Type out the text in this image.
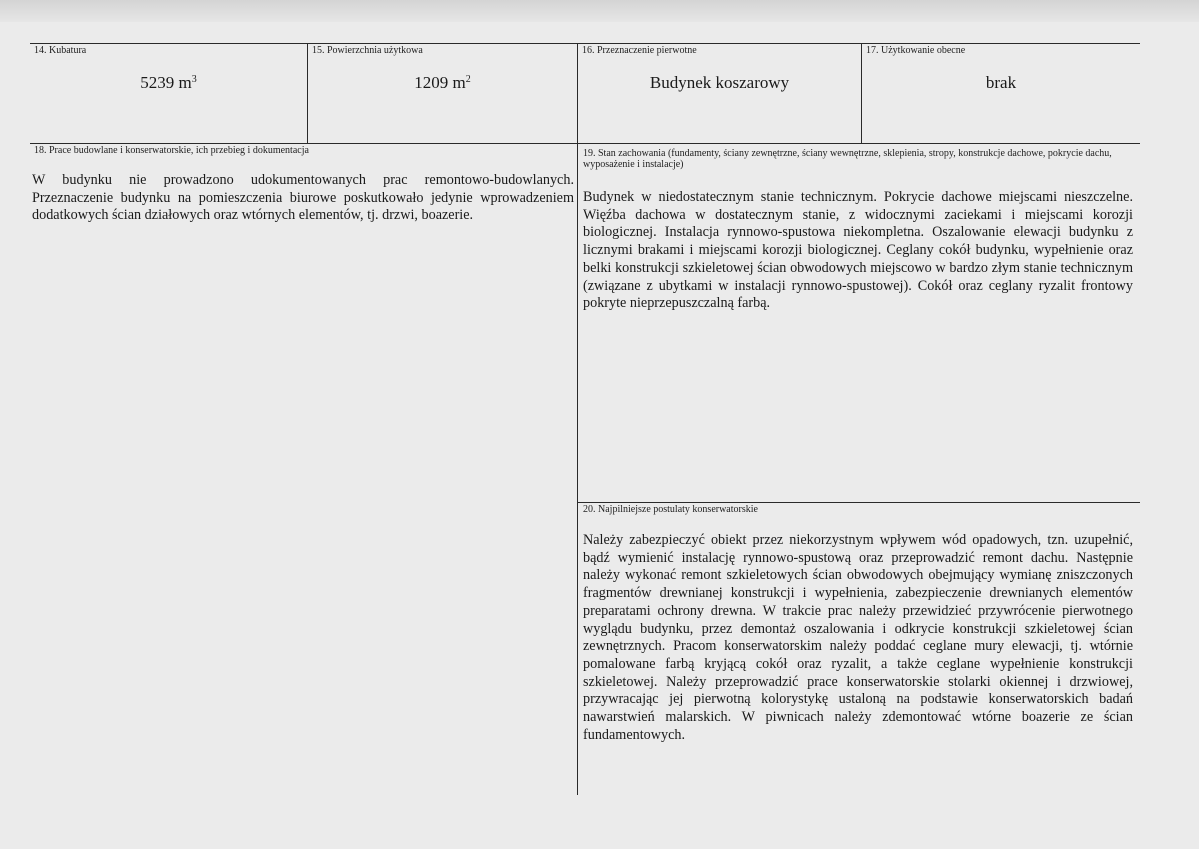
14. Kubatura
5239 $m^3$
15. Powierzchnia użytkowa
1209 $m^2$
16. Przeznaczenie pierwotne
Budynek koszarowy
17. Użytkowanie obecne
brak
18. Prace budowlane i konserwatorskie, ich przebieg i dokumentacja

W budynku nie prowadzono udokumentowanych prac remontowo-budowlanych. Przeznaczenie budynku na pomieszczenia biurowe poskutkowało jedynie wprowadzeniem dodatkowych ścian działowych oraz wtórnych elementów, tj. drzwi, boazerie.

19. Stan zachowania (fundamenty, ściany zewnętrzne, ściany wewnętrzne, sklepienia, stropy, konstrukcje dachowe, pokrycie dachu, wyposażenie i instalacje)

Budynek w niedostatecznym stanie technicznym. Pokrycie dachowe miejscami nieszczelne. Więźba dachowa w dostatecznym stanie, z widocznymi zaciekami i miejscami korozji biologicznej. Instalacja rynnowo-spustowa niekompletna. Oszalowanie elewacji budynku z licznymi brakami i miejscami korozji biologicznej. Ceglany cokół budynku, wypełnienie oraz belki konstrukcji szkieletowej ścian obwodowych miejscowo w bardzo złym stanie technicznym (związane z ubytkami w instalacji rynnowo-spustowej). Cokół oraz ceglany ryzalit frontowy pokryte nieprzepuszczalną farbą.

20. Najpilniejsze postulaty konserwatorskie

Należy zabezpieczyć obiekt przez niekorzystnym wpływem wód opadowych, tzn. uzupełnić, bądź wymienić instalację rynnowo-spustową oraz przeprowadzić remont dachu. Następnie należy wykonać remont szkieletowych ścian obwodowych obejmujący wymianę zniszczonych fragmentów drewnianej konstrukcji i wypełnienia, zabezpieczenie drewnianych elementów preparatami ochrony drewna. W trakcie prac należy przewidzieć przywrócenie pierwotnego wyglądu budynku, przez demontaż oszalowania i odkrycie konstrukcji szkieletowej ścian zewnętrznych. Pracom konserwatorskim należy poddać ceglane mury elewacji, tj. wtórnie pomalowane farbą kryjącą cokół oraz ryzalit, a także ceglane wypełnienie konstrukcji szkieletowej. Należy przeprowadzić prace konserwatorskie stolarki okiennej i drzwiowej, przywracając jej pierwotną kolorystykę ustaloną na podstawie konserwatorskich badań nawarstwień malarskich. W piwnicach należy zdemontować wtórne boazerie ze ścian fundamentowych.
